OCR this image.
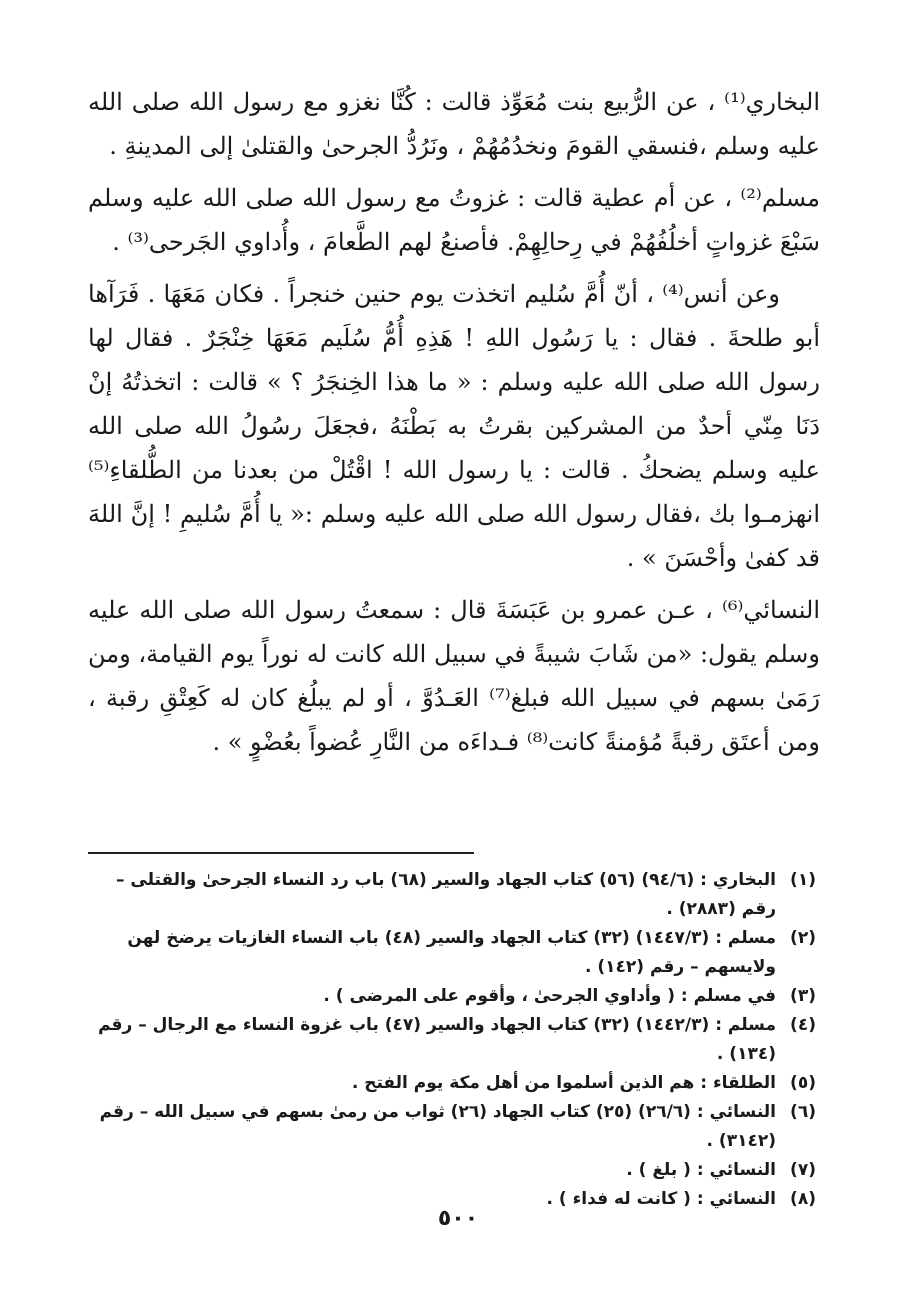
البخاري⁽¹⁾ ، عن الرُّبيع بنت مُعَوِّذ قالت : كُنَّا نغزو مع رسول الله صلى الله عليه وسلم ،فنسقي القومَ ونخدُمُهُمْ ، ونَرُدُّ الجرحىٰ والقتلىٰ إلى المدينةِ .

مسلم⁽²⁾ ، عن أم عطية قالت : غزوتُ مع رسول الله صلى الله عليه وسلم سَبْعَ غزواتٍ أخلُفُهُمْ في رِحالِهِمْ. فأصنعُ لهم الطَّعامَ ، وأُداوي الجَرحى⁽³⁾ .

وعن أنس⁽⁴⁾ ، أنّ أُمَّ سُليم اتخذت يوم حنين خنجراً . فكان مَعَهَا . فَرَآها أبو طلحةَ . فقال : يا رَسُول اللهِ ! هَذِهِ أُمُّ سُلَيم مَعَهَا خِنْجَرٌ . فقال لها رسول الله صلى الله عليه وسلم : « ما هذا الخِنجَرُ ؟ » قالت : اتخذتُهُ إنْ دَنَا مِنّي أحدٌ من المشركين بقرتُ به بَطْنَهُ ،فجعَلَ رسُولُ الله صلى الله عليه وسلم يضحكُ . قالت : يا رسول الله ! اقْتُلْ من بعدنا من الطُّلقاءِ⁽⁵⁾ انهزمـوا بك ،فقال رسول الله صلى الله عليه وسلم :« يا أُمَّ سُليمِ ! إنَّ اللهَ قد كفىٰ وأحْسَنَ » .

النسائي⁽⁶⁾ ، عـن عمرو بن عَبَسَةَ قال : سمعتُ رسول الله صلى الله عليه وسلم يقول: «من شَابَ شيبةً في سبيل الله كانت له نوراً يوم القيامة، ومن رَمَىٰ بسهم في سبيل الله فبلغ⁽⁷⁾ العَـدُوَّ ، أو لم يبلُغ كان له كَعِتْقِ رقبة ، ومن أعتَق رقبةً مُؤمنةً كانت⁽⁸⁾ فـداءَه من النَّارِ عُضواً بعُضْوٍ » .

(١)
البخاري : (٩٤/٦) (٥٦) كتاب الجهاد والسير (٦٨) باب رد النساء الجرحىٰ والقتلى – رقم (٢٨٨٣) .
(٢)
مسلم : (١٤٤٧/٣) (٣٢) كتاب الجهاد والسير (٤٨) باب النساء الغازيات يرضخ لهن ولايسهم – رقم (١٤٢) .
(٣)
في مسلم : ( وأداوي الجرحىٰ ، وأقوم على المرضى ) .
(٤)
مسلم : (١٤٤٢/٣) (٣٢) كتاب الجهاد والسير (٤٧) باب غزوة النساء مع الرجال – رقم (١٣٤) .
(٥)
الطلقاء : هم الذين أسلموا من أهل مكة يوم الفتح .
(٦)
النسائي : (٢٦/٦) (٢٥) كتاب الجهاد (٢٦) ثواب من رمىٰ بسهم في سبيل الله – رقم (٣١٤٢) .
(٧)
النسائي : ( بلغ ) .
(٨)
النسائي : ( كانت له فداء ) .
٥٠٠
